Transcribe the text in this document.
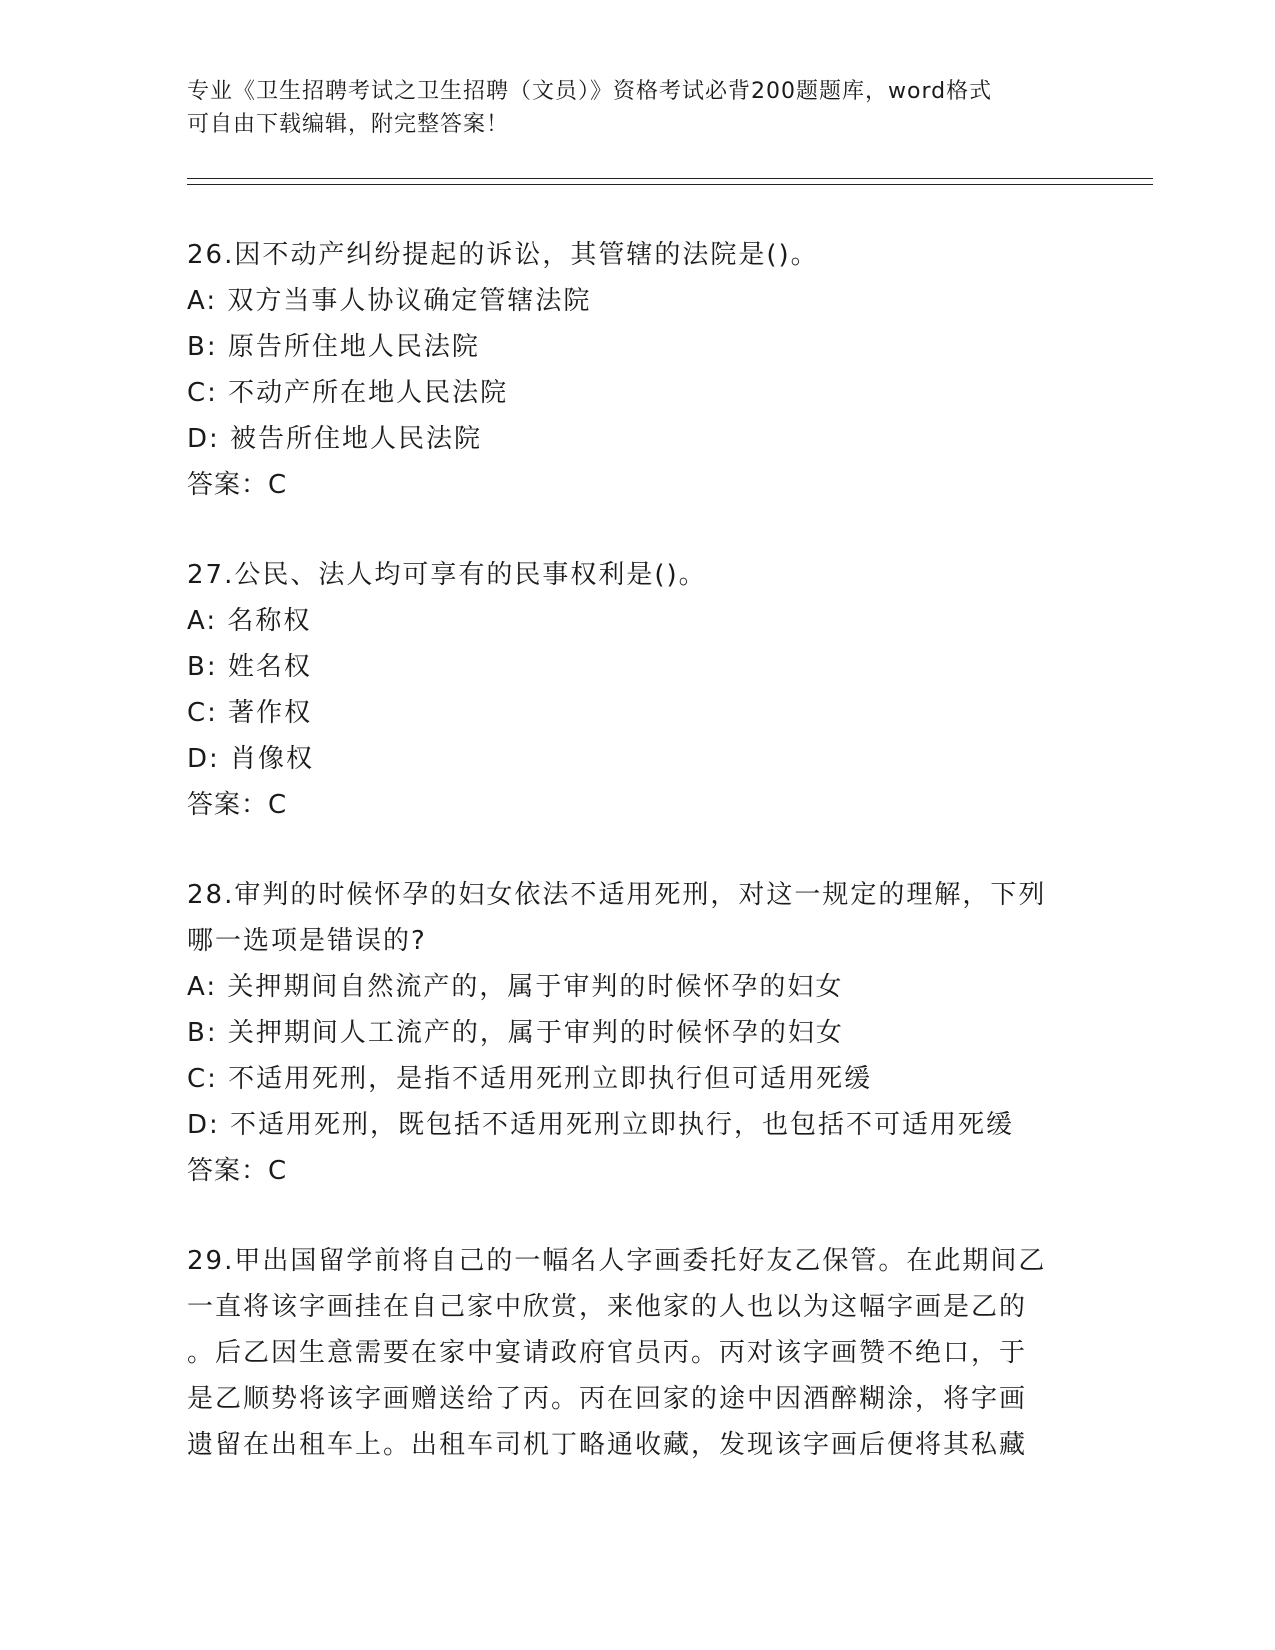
专业《卫生招聘考试之卫生招聘（文员）》资格考试必背200题题库，word格式
可自由下载编辑，附完整答案！
26.因不动产纠纷提起的诉讼，其管辖的法院是()。
A: 双方当事人协议确定管辖法院
B: 原告所住地人民法院
C: 不动产所在地人民法院
D: 被告所住地人民法院
答案：C
27.公民、法人均可享有的民事权利是()。
A: 名称权
B: 姓名权
C: 著作权
D: 肖像权
答案：C
28.审判的时候怀孕的妇女依法不适用死刑，对这一规定的理解，下列
哪一选项是错误的?
A: 关押期间自然流产的，属于审判的时候怀孕的妇女
B: 关押期间人工流产的，属于审判的时候怀孕的妇女
C: 不适用死刑，是指不适用死刑立即执行但可适用死缓
D: 不适用死刑，既包括不适用死刑立即执行，也包括不可适用死缓
答案：C
29.甲出国留学前将自己的一幅名人字画委托好友乙保管。在此期间乙
一直将该字画挂在自己家中欣赏，来他家的人也以为这幅字画是乙的
。后乙因生意需要在家中宴请政府官员丙。丙对该字画赞不绝口，于
是乙顺势将该字画赠送给了丙。丙在回家的途中因酒醉糊涂，将字画
遗留在出租车上。出租车司机丁略通收藏，发现该字画后便将其私藏
